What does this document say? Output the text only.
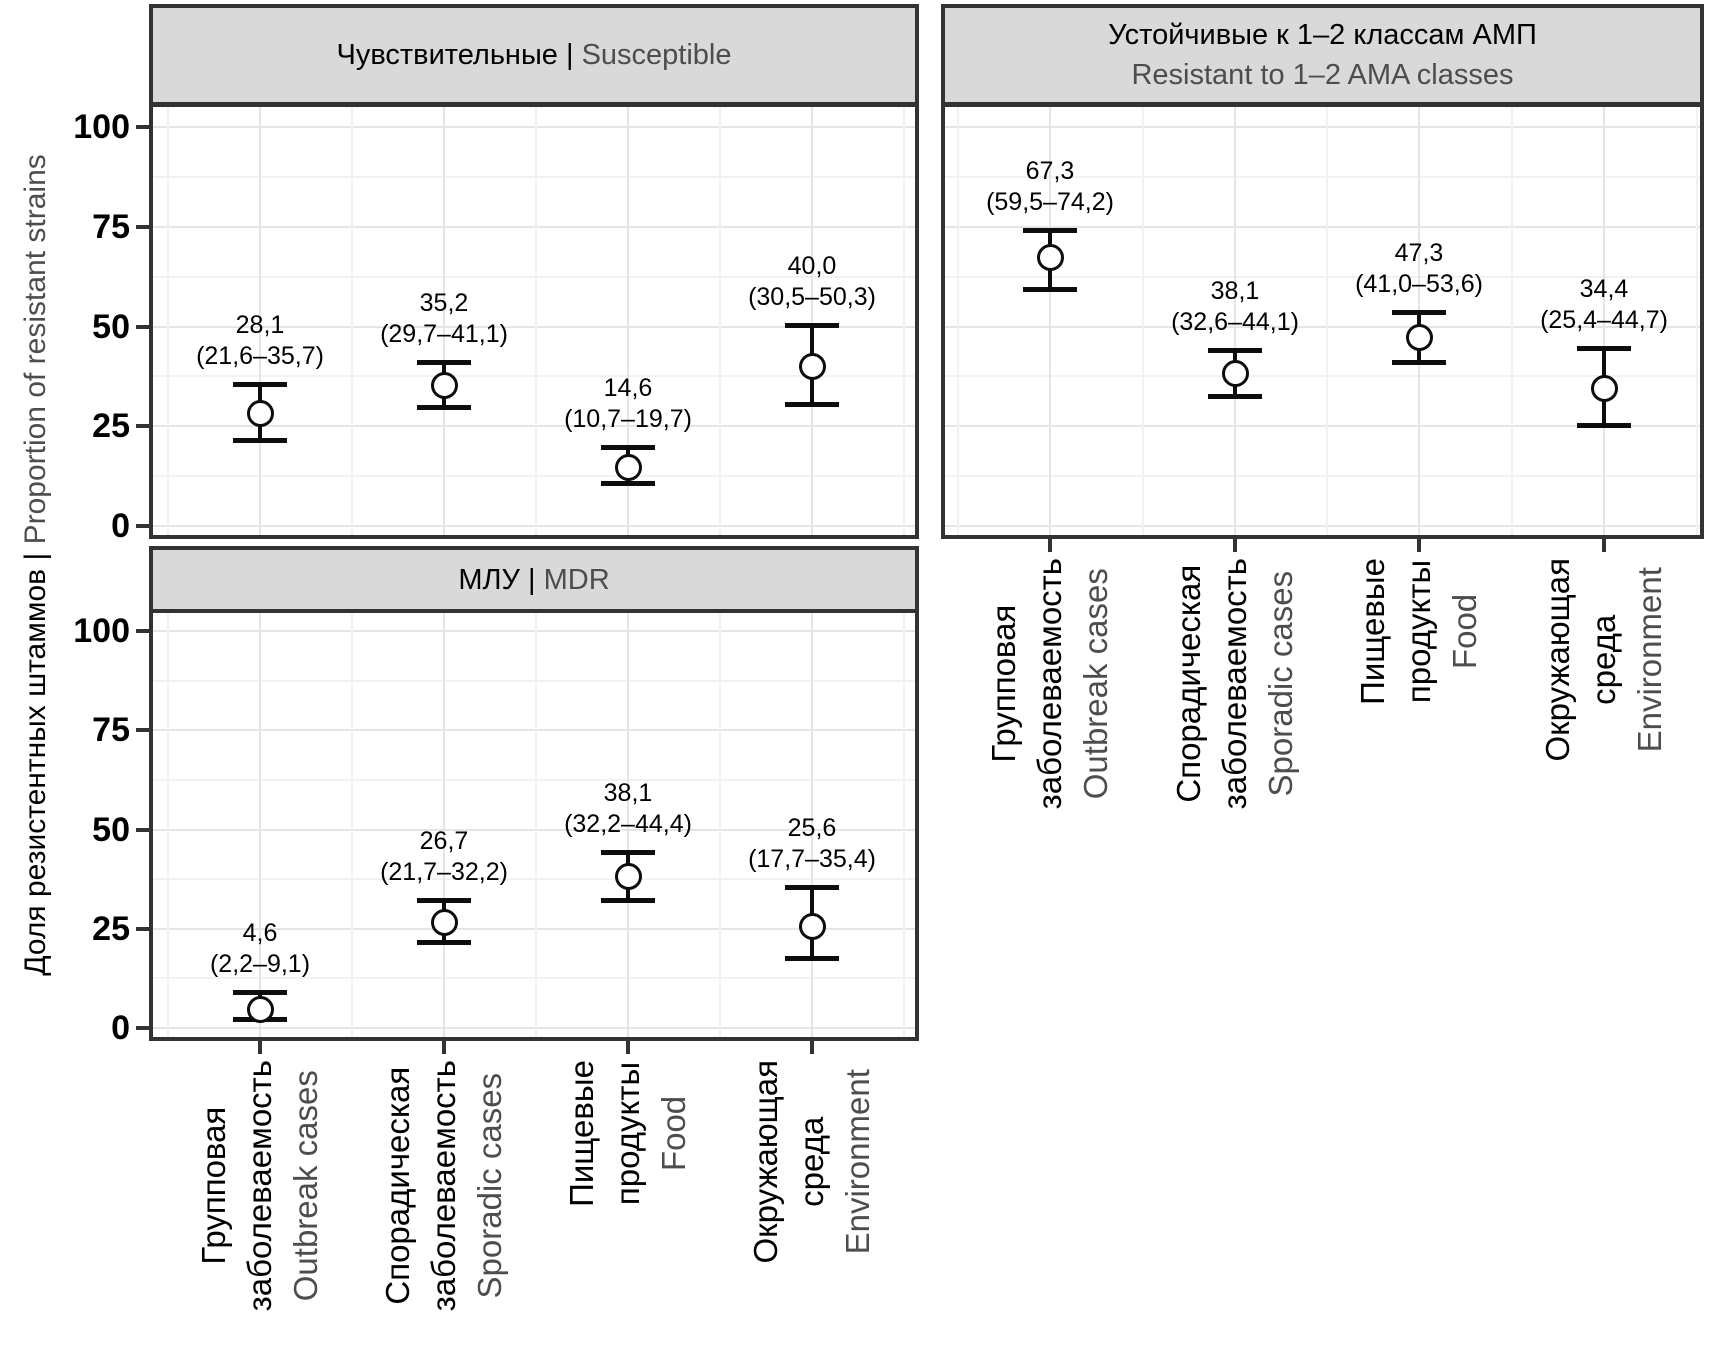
Доля резистентных штаммов | Proportion of resistant strains
Чувствительные | Susceptible
28,1
(21,6–35,7)
35,2
(29,7–41,1)
14,6
(10,7–19,7)
40,0
(30,5–50,3)
0
25
50
75
100
Устойчивые к 1–2 классам АМП
Resistant to 1–2 AMA classes
67,3
(59,5–74,2)
38,1
(32,6–44,1)
47,3
(41,0–53,6)	34,4
(25,4–44,7)
Групповая заболеваемость Outbreak cases Спорадическая заболеваемость Sporadic cases Пищевые продукты Food Окружающая среда Environment
МЛУ | MDR
4,6
(2,2–9,1)
26,7
(21,7–32,2)
38,1
(32,2–44,4)	25,6
(17,7–35,4)
0
25
50
75
100
Групповая заболеваемость Outbreak cases Спорадическая заболеваемость Sporadic cases Пищевые продукты Food Окружающая среда Environment
